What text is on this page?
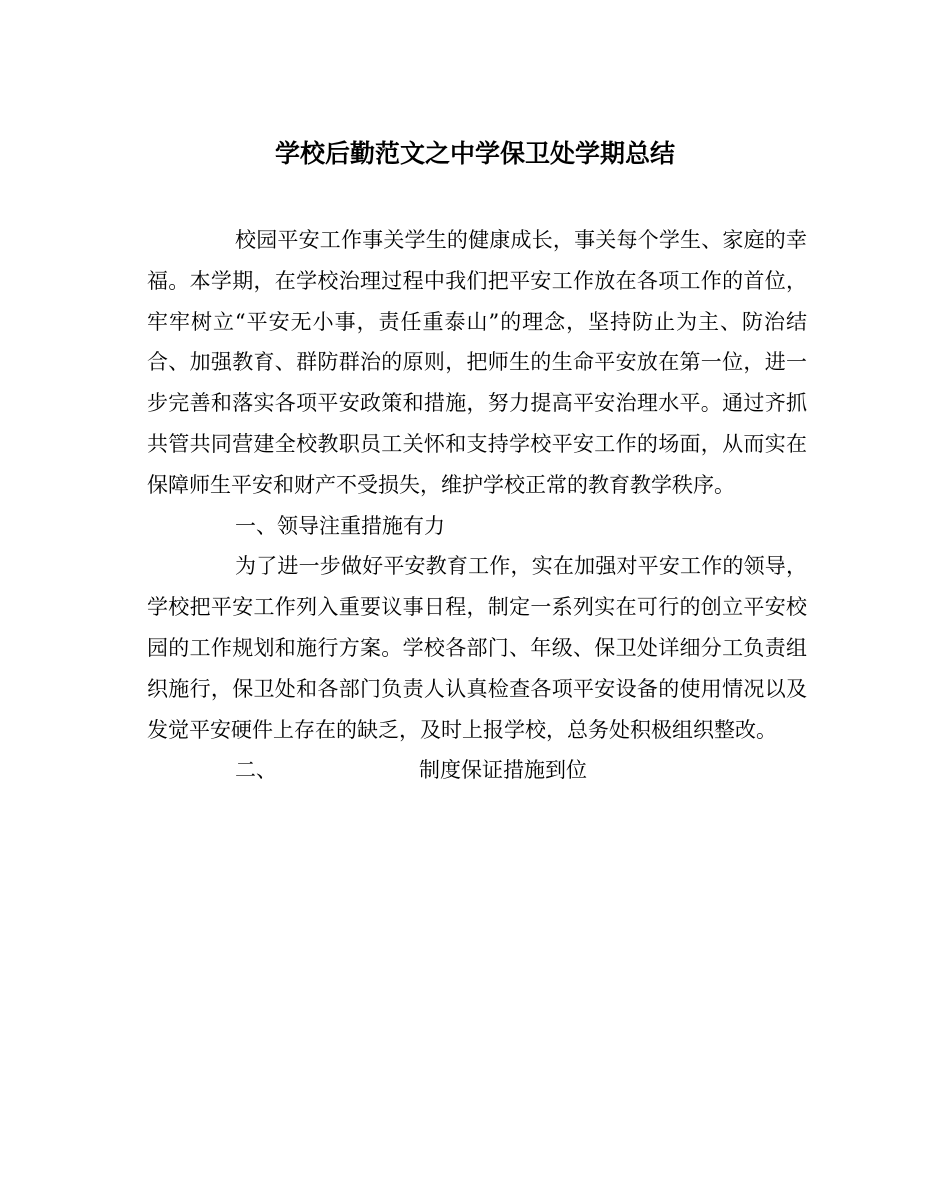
学校后勤范文之中学保卫处学期总结

校园平安工作事关学生的健康成长，事关每个学生、家庭的幸福。本学期，在学校治理过程中我们把平安工作放在各项工作的首位，牢牢树立“平安无小事，责任重泰山”的理念，坚持防止为主、防治结合、加强教育、群防群治的原则，把师生的生命平安放在第一位，进一步完善和落实各项平安政策和措施，努力提高平安治理水平。通过齐抓共管共同营建全校教职员工关怀和支持学校平安工作的场面，从而实在保障师生平安和财产不受损失，维护学校正常的教育教学秩序。

一、领导注重措施有力

为了进一步做好平安教育工作，实在加强对平安工作的领导，学校把平安工作列入重要议事日程，制定一系列实在可行的创立平安校园的工作规划和施行方案。学校各部门、年级、保卫处详细分工负责组织施行，保卫处和各部门负责人认真检查各项平安设备的使用情况以及发觉平安硬件上存在的缺乏，及时上报学校，总务处积极组织整改。

二、	制度保证措施到位
